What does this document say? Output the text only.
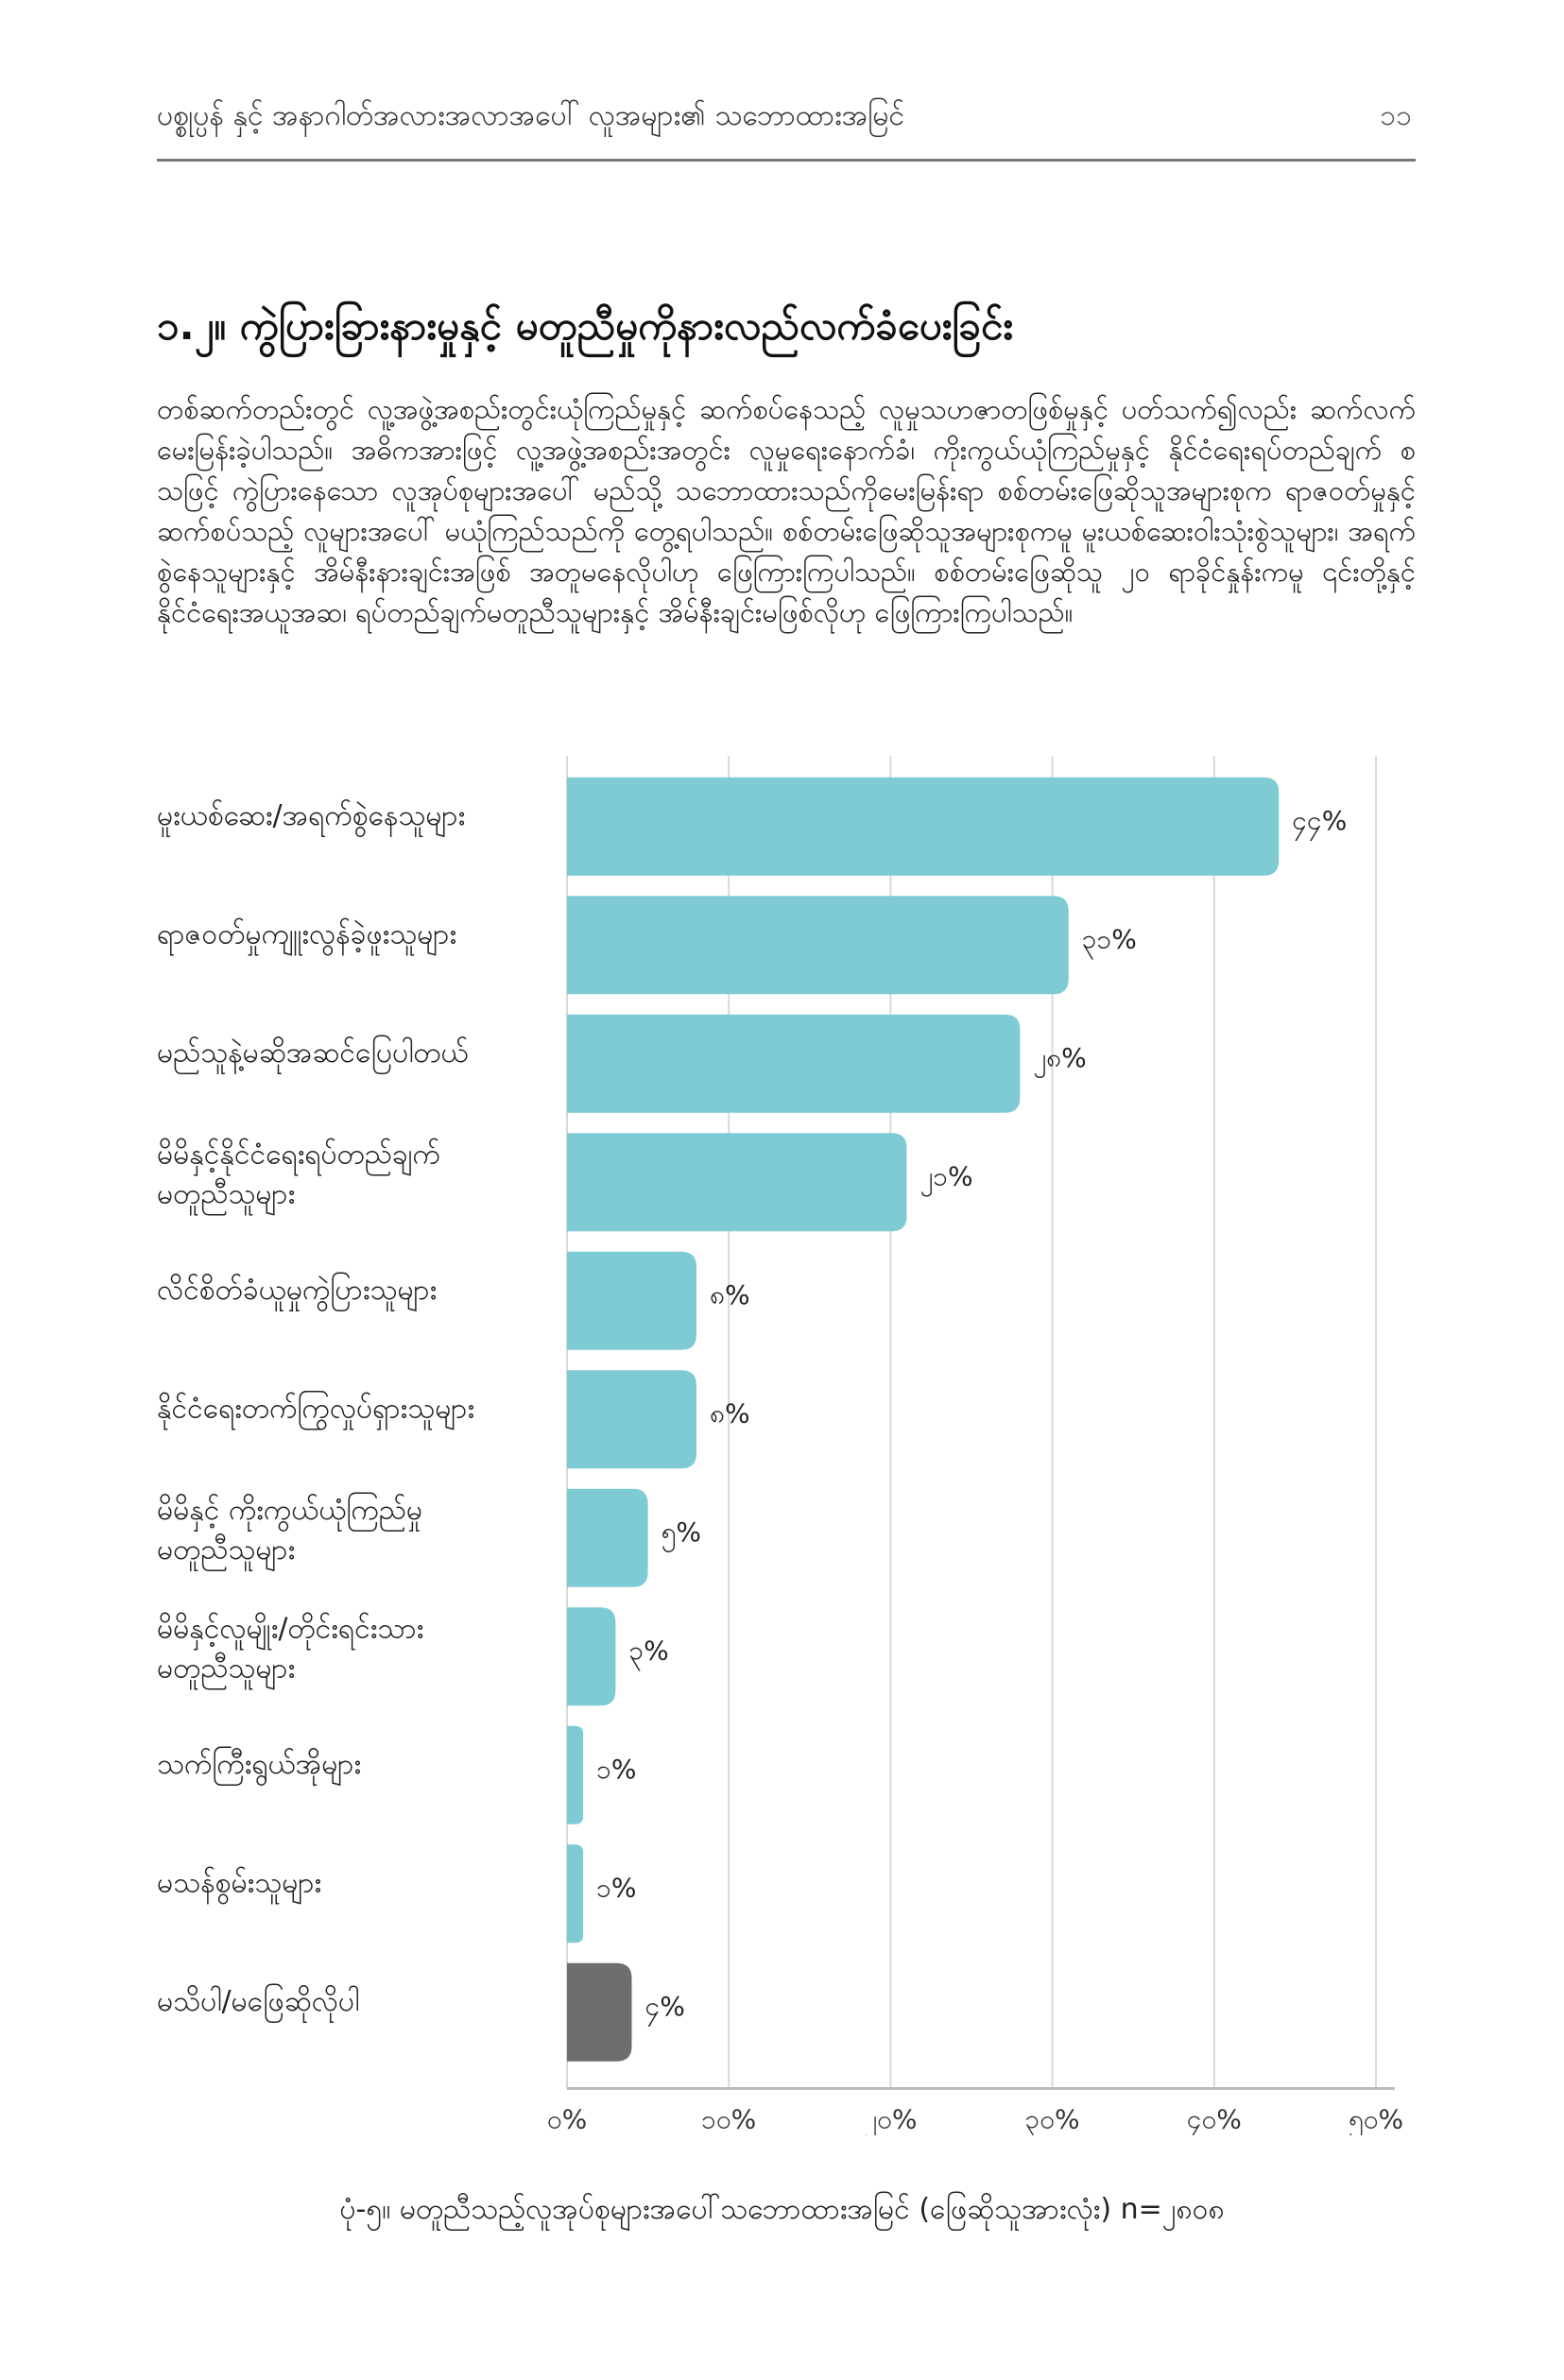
ပစ္စုပ္ပန် နှင့် အနာဂါတ်အလားအလာအပေါ် လူအများ၏ သဘောထားအမြင်	၁၁
၁.၂။ ကွဲပြားခြားနားမှုနှင့် မတူညီမှုကိုနားလည်လက်ခံပေးခြင်း
တစ်ဆက်တည်းတွင် လူ့အဖွဲ့အစည်းတွင်းယုံကြည်မှုနှင့် ဆက်စပ်နေသည့် လူမှုသဟဇာတဖြစ်မှုနှင့် ပတ်သက်၍လည်း ဆက်လက် မေးမြန်းခဲ့ပါသည်။ အဓိကအားဖြင့် လူ့အဖွဲ့အစည်းအတွင်း လူမှုရေးနောက်ခံ၊ ကိုးကွယ်ယုံကြည်မှုနှင့် နိုင်ငံရေးရပ်တည်ချက် စသဖြင့် ကွဲပြားနေသော လူအုပ်စုများအပေါ် မည်သို့ သဘောထားသည်ကိုမေးမြန်းရာ စစ်တမ်းဖြေဆိုသူအများစုက ရာဇဝတ်မှုနှင့်ဆက်စပ်သည့် လူများအပေါ် မယုံကြည်သည်ကို တွေ့ရပါသည်။ စစ်တမ်းဖြေဆိုသူအများစုကမူ မူးယစ်ဆေးဝါးသုံးစွဲသူများ၊ အရက်စွဲနေသူများနှင့် အိမ်နီးနားချင်းအဖြစ် အတူမနေလိုပါဟု ဖြေကြားကြပါသည်။ စစ်တမ်းဖြေဆိုသူ ၂၀ ရာခိုင်နှုန်းကမူ ၎င်းတို့နှင့် နိုင်ငံရေးအယူအဆ၊ ရပ်တည်ချက်မတူညီသူများနှင့် အိမ်နီးချင်းမဖြစ်လိုဟု ဖြေကြားကြပါသည်။
၄၄%
မူးယစ်ဆေး/အရက်စွဲနေသူများ
၃၁%
ရာဇဝတ်မှုကျူးလွန်ခဲ့ဖူးသူများ
၂၈%
မည်သူနဲ့မဆိုအဆင်ပြေပါတယ်
၂၁%
မိမိနှင့်နိုင်ငံရေးရပ်တည်ချက်မတူညီသူများ
၈%
လိင်စိတ်ခံယူမှုကွဲပြားသူများ
၈%
နိုင်ငံရေးတက်ကြွလှုပ်ရှားသူများ
၅%
မိမိနှင့် ကိုးကွယ်ယုံကြည်မှုမတူညီသူများ
၃%
မိမိနှင့်လူမျိုး/တိုင်းရင်းသားမတူညီသူများ
၁%
သက်ကြီးရွယ်အိုများ
၁%
မသန်စွမ်းသူများ
၄%
မသိပါ/မဖြေဆိုလိုပါ
၀%	၁၀%	၂၀%	၃၀%	၄၀%	၅၀%
ပုံ-၅။ မတူညီသည့်လူအုပ်စုများအပေါ်သဘောထားအမြင် (ဖြေဆိုသူအားလုံး) n=၂၈၀၈
